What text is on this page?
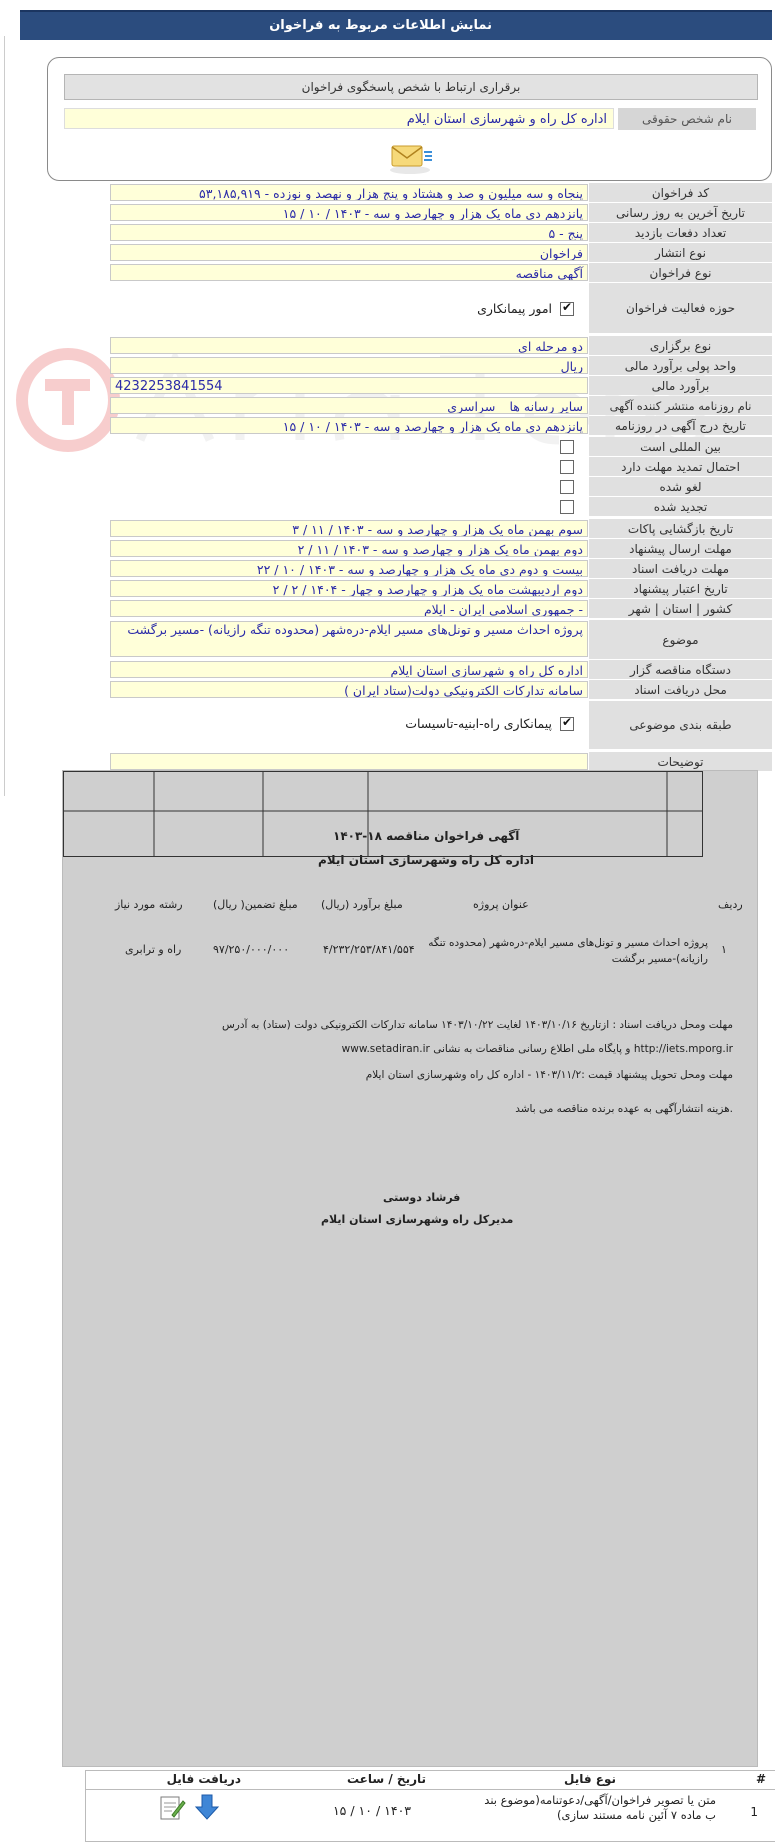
نمایش اطلاعات مربوط به فراخوان
برقراری ارتباط با شخص پاسخگوی فراخوان
نام شخص حقوقی
اداره کل راه و شهرسازی استان ایلام
کد فراخوان
۵۳,۱۸۵,۹۱۹ - پنجاه و سه میلیون و صد و هشتاد و پنج هزار و نهصد و نوزده
تاریخ آخرین به روز رسانی
۱۵ / ۱۰ / ۱۴۰۳ - پانزدهم دی ماه یک هزار و چهارصد و سه
تعداد دفعات بازدید
۵ - پنج
نوع انتشار
فراخوان
نوع فراخوان
آگهی مناقصه
حوزه فعالیت فراخوان
✔
امور پیمانکاری
نوع برگزاری
دو مرحله ای
واحد پولی برآورد مالی
ریال
برآورد مالی
4232253841554
نام روزنامه منتشر کننده آگهی
سایر رسانه ها _ سراسری
تاریخ درج آگهی در روزنامه
۱۵ / ۱۰ / ۱۴۰۳ - پانزدهم دی ماه یک هزار و چهارصد و سه
بین المللی است
احتمال تمدید مهلت دارد
لغو شده
تجدید شده
تاریخ بازگشایی پاکات
۳ / ۱۱ / ۱۴۰۳ - سوم بهمن ماه یک هزار و چهارصد و سه
مهلت ارسال پیشنهاد
۲ / ۱۱ / ۱۴۰۳ - دوم بهمن ماه یک هزار و چهارصد و سه
مهلت دریافت اسناد
۲۲ / ۱۰ / ۱۴۰۳ - بیست و دوم دی ماه یک هزار و چهارصد و سه
تاریخ اعتبار پیشنهاد
۲ / ۲ / ۱۴۰۴ - دوم اردیبهشت ماه یک هزار و چهارصد و چهار
کشور | استان | شهر
جمهوری اسلامی ایران - ایلام -
موضوع
پروژه احداث مسیر و تونل‌های مسیر ایلام-دره‌شهر (محدوده تنگه رازیانه) -مسیر برگشت
دستگاه مناقصه گزار
اداره کل راه و شهرسازی استان ایلام
محل دریافت اسناد
سامانه تدارکات الکترونیکی دولت(ستاد ایران )
طبقه بندی موضوعی
✔
پیمانکاری راه-ابنیه-تاسیسات
توضیحات
آگهی فراخوان مناقصه ۱۸-۱۴۰۳
اداره کل راه وشهرسازی استان ایلام
ردیف
عنوان پروژه
مبلغ برآورد (ریال)
مبلغ تضمین( ریال)
رشته مورد نیاز
۱
پروژه احداث مسیر و تونل‌های مسیر ایلام-دره‌شهر (محدوده تنگه رازیانه)-مسیر برگشت
۴/۲۳۲/۲۵۳/۸۴۱/۵۵۴
۹۷/۲۵۰/۰۰۰/۰۰۰
راه و ترابری
مهلت ومحل دریافت اسناد : ازتاریخ ۱۴۰۳/۱۰/۱۶ لغایت ۱۴۰۳/۱۰/۲۲ سامانه تدارکات الکترونیکی دولت (ستاد) به آدرس
www.setadiran.ir و پایگاه ملی اطلاع رسانی مناقصات به نشانی http://iets.mporg.ir
مهلت ومحل تحویل پیشنهاد قیمت :۱۴۰۳/۱۱/۲ - اداره کل راه وشهرسازی استان ایلام
هزینه انتشارآگهی به عهده برنده مناقصه می باشد.
فرشاد دوستی
مدیرکل راه وشهرسازی استان ایلام
#
نوع فایل
تاریخ / ساعت
دریافت فایل
1
متن یا تصویر فراخوان/آگهی/دعوتنامه(موضوع بند ب ماده ۷ آئین نامه مستند سازی)
۱۵ / ۱۰ / ۱۴۰۳
